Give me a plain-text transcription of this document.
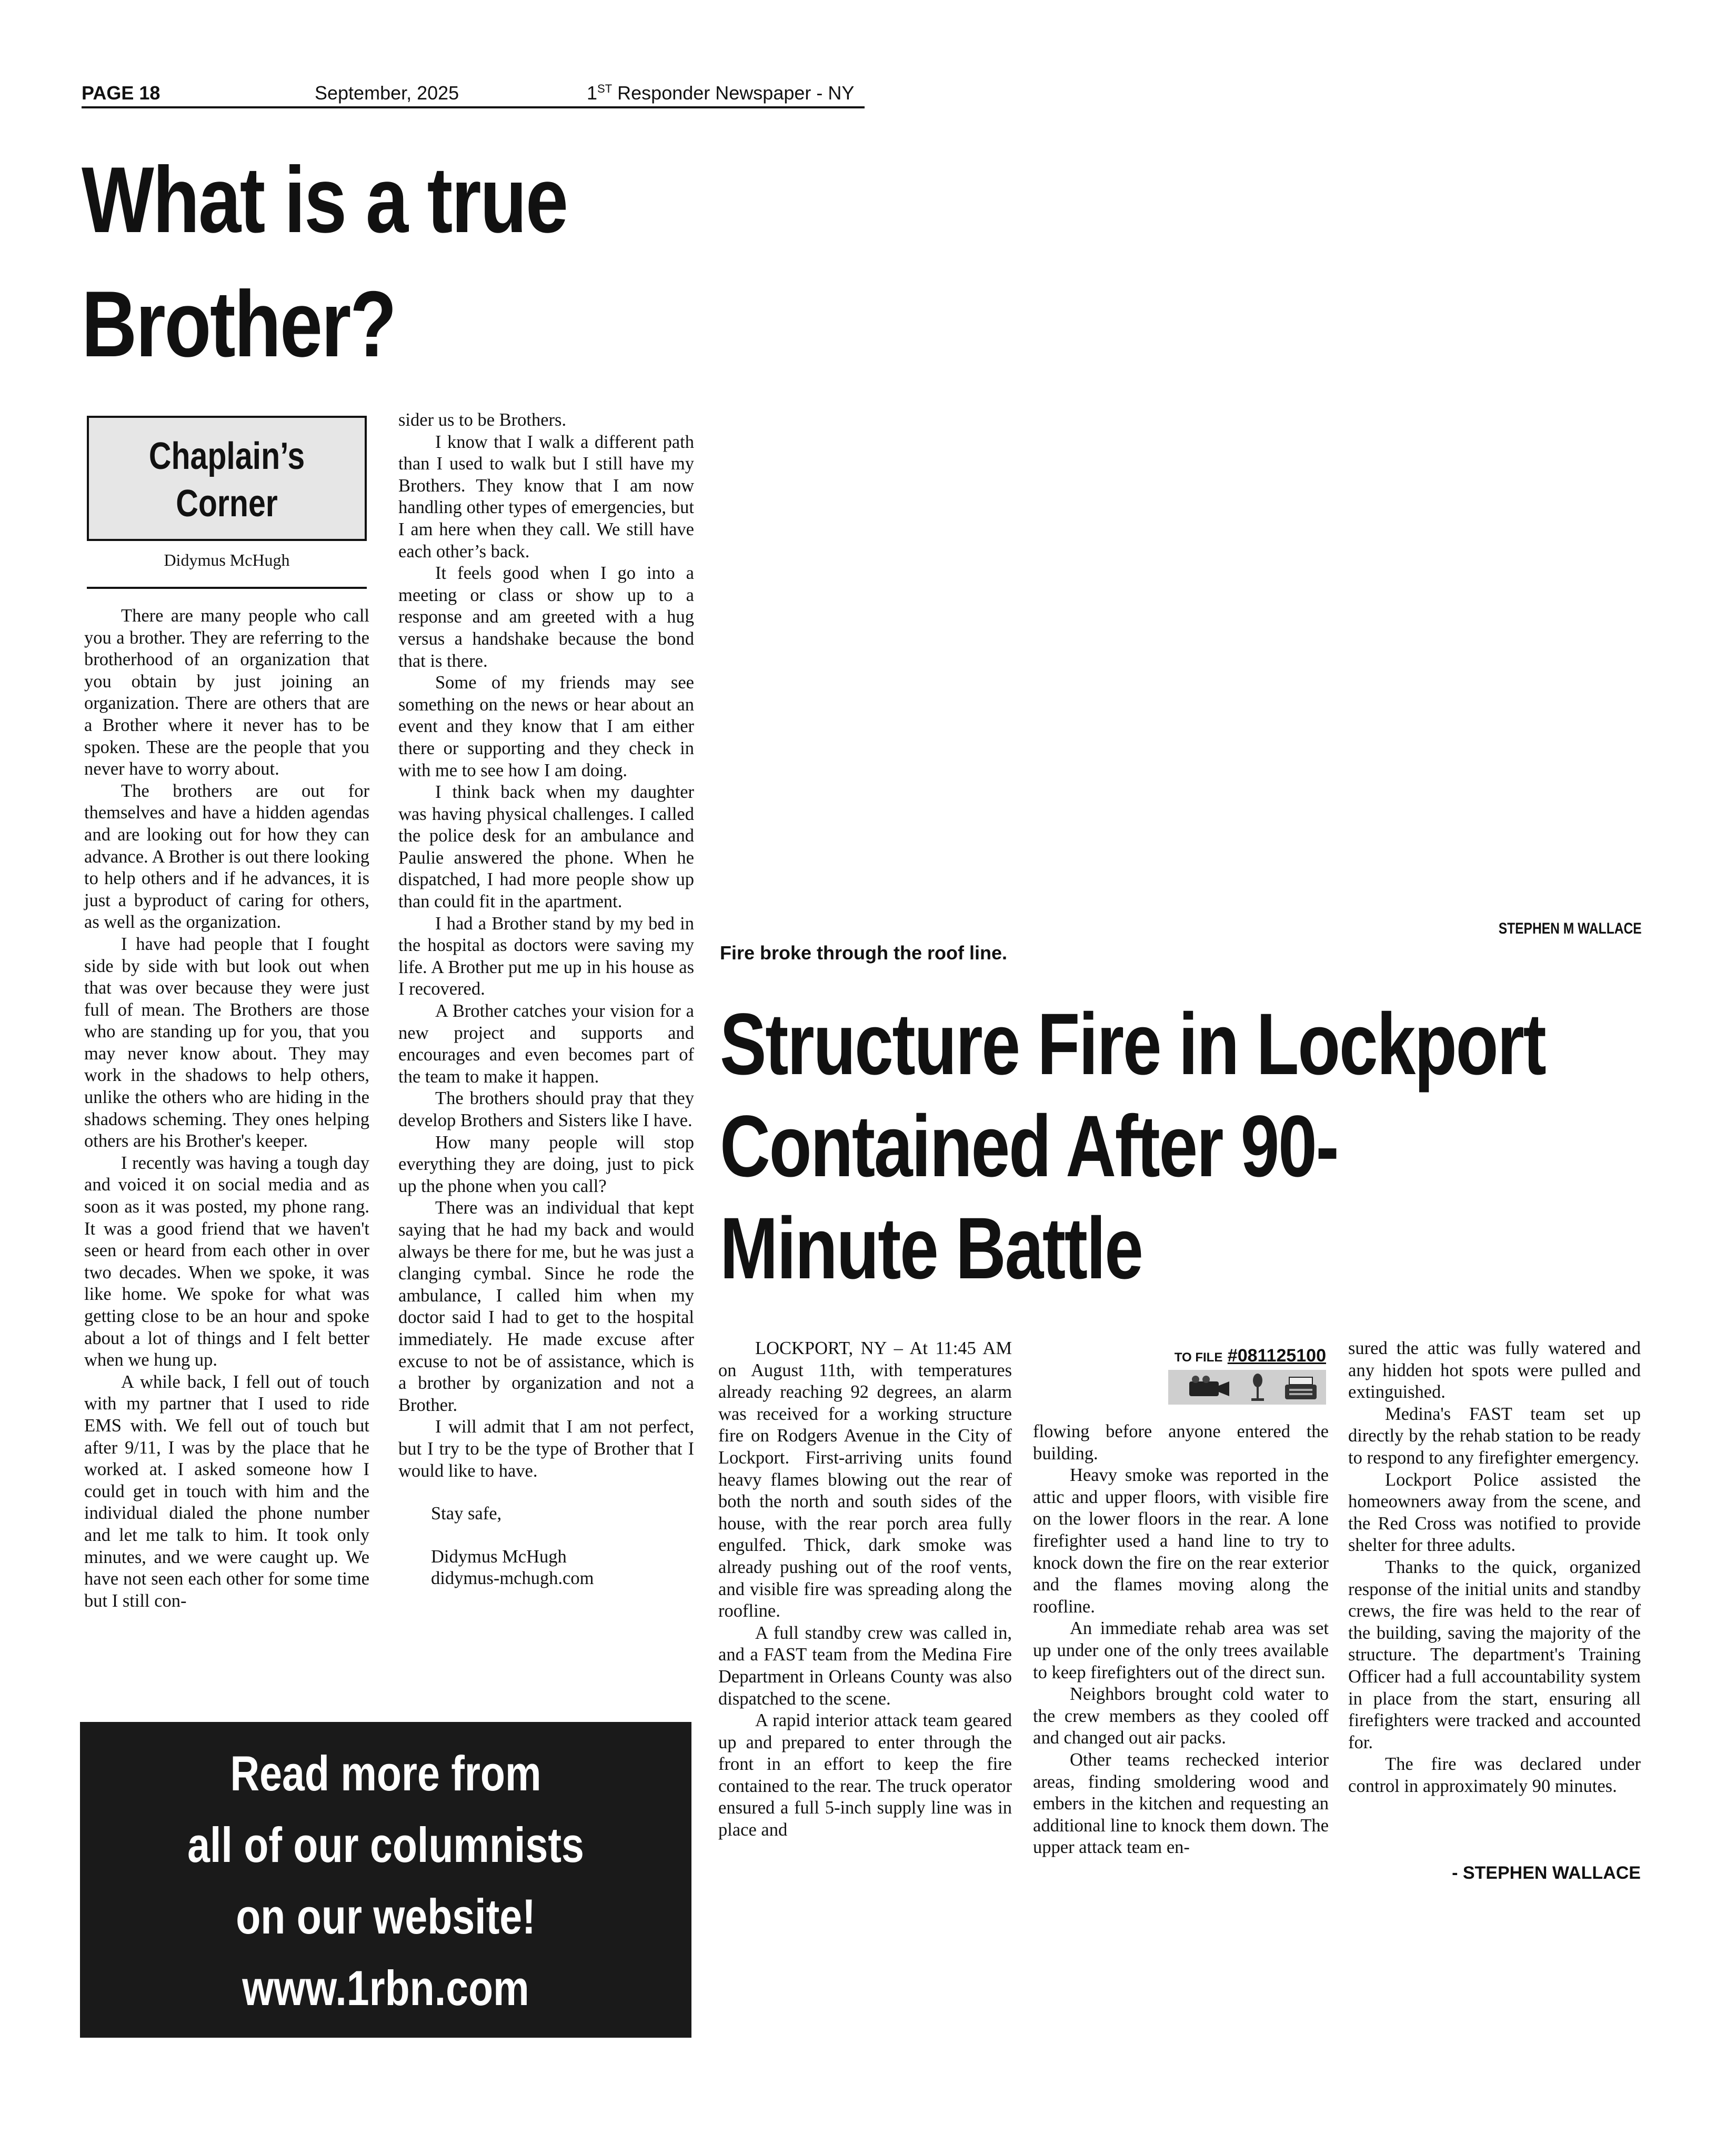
PAGE 18	September, 2025	1ST Responder Newspaper - NY
What is a true
Brother?
Chaplain’s
Corner
Didymus McHugh

There are many people who call you a brother. They are referring to the brotherhood of an organization that you obtain by just joining an organization. There are others that are a Brother where it never has to be spoken. These are the people that you never have to worry about.

The brothers are out for themselves and have a hidden agendas and are looking out for how they can advance. A Brother is out there looking to help others and if he advances, it is just a byproduct of caring for others, as well as the organization.

I have had people that I fought side by side with but look out when that was over because they were just full of mean. The Brothers are those who are standing up for you, that you may never know about. They may work in the shadows to help others, unlike the others who are hiding in the shadows scheming. They ones helping others are his Brother's keeper.

I recently was having a tough day and voiced it on social media and as soon as it was posted, my phone rang. It was a good friend that we haven't seen or heard from each other in over two decades. When we spoke, it was like home. We spoke for what was getting close to be an hour and spoke about a lot of things and I felt better when we hung up.

A while back, I fell out of touch with my partner that I used to ride EMS with. We fell out of touch but after 9/11, I was by the place that he worked at. I asked someone how I could get in touch with him and the individual dialed the phone number and let me talk to him. It took only minutes, and we were caught up. We have not seen each other for some time but I still con-

sider us to be Brothers.

I know that I walk a different path than I used to walk but I still have my Brothers. They know that I am now handling other types of emergencies, but I am here when they call. We still have each other’s back.

It feels good when I go into a meeting or class or show up to a response and am greeted with a hug versus a handshake because the bond that is there.

Some of my friends may see something on the news or hear about an event and they know that I am either there or supporting and they check in with me to see how I am doing.

I think back when my daughter was having physical challenges. I called the police desk for an ambulance and Paulie answered the phone. When he dispatched, I had more people show up than could fit in the apartment.

I had a Brother stand by my bed in the hospital as doctors were saving my life. A Brother put me up in his house as I recovered.

A Brother catches your vision for a new project and supports and encourages and even becomes part of the team to make it happen.

The brothers should pray that they develop Brothers and Sisters like I have.

How many people will stop everything they are doing, just to pick up the phone when you call?

There was an individual that kept saying that he had my back and would always be there for me, but he was just a clanging cymbal. Since he rode the ambulance, I called him when my doctor said I had to get to the hospital immediately. He made excuse after excuse to not be of assistance, which is a brother by organization and not a Brother.

I will admit that I am not perfect, but I try to be the type of Brother that I would like to have.

Stay safe,

Didymus McHugh

didymus-mchugh.com

Read more from
all of our columnists
on our website!
www.1rbn.com
STEPHEN M WALLACE
Fire broke through the roof line.
Structure Fire in Lockport
Contained After 90-
Minute Battle
TO FILE #081125100

LOCKPORT, NY – At 11:45 AM on August 11th, with temperatures already reaching 92 degrees, an alarm was received for a working structure fire on Rodgers Avenue in the City of Lockport. First-arriving units found heavy flames blowing out the rear of both the north and south sides of the house, with the rear porch area fully engulfed. Thick, dark smoke was already pushing out of the roof vents, and visible fire was spreading along the roofline.

A full standby crew was called in, and a FAST team from the Medina Fire Department in Orleans County was also dispatched to the scene.

A rapid interior attack team geared up and prepared to enter through the front in an effort to keep the fire contained to the rear. The truck operator ensured a full 5-inch supply line was in place and

flowing before anyone entered the building.

Heavy smoke was reported in the attic and upper floors, with visible fire on the lower floors in the rear. A lone firefighter used a hand line to try to knock down the fire on the rear exterior and the flames moving along the roofline.

An immediate rehab area was set up under one of the only trees available to keep firefighters out of the direct sun.

Neighbors brought cold water to the crew members as they cooled off and changed out air packs.

Other teams rechecked interior areas, finding smoldering wood and embers in the kitchen and requesting an additional line to knock them down. The upper attack team en-

sured the attic was fully watered and any hidden hot spots were pulled and extinguished.

Medina's FAST team set up directly by the rehab station to be ready to respond to any firefighter emergency.

Lockport Police assisted the homeowners away from the scene, and the Red Cross was notified to provide shelter for three adults.

Thanks to the quick, organized response of the initial units and standby crews, the fire was held to the rear of the building, saving the majority of the structure. The department's Training Officer had a full accountability system in place from the start, ensuring all firefighters were tracked and accounted for.

The fire was declared under control in approximately 90 minutes.

- STEPHEN WALLACE
